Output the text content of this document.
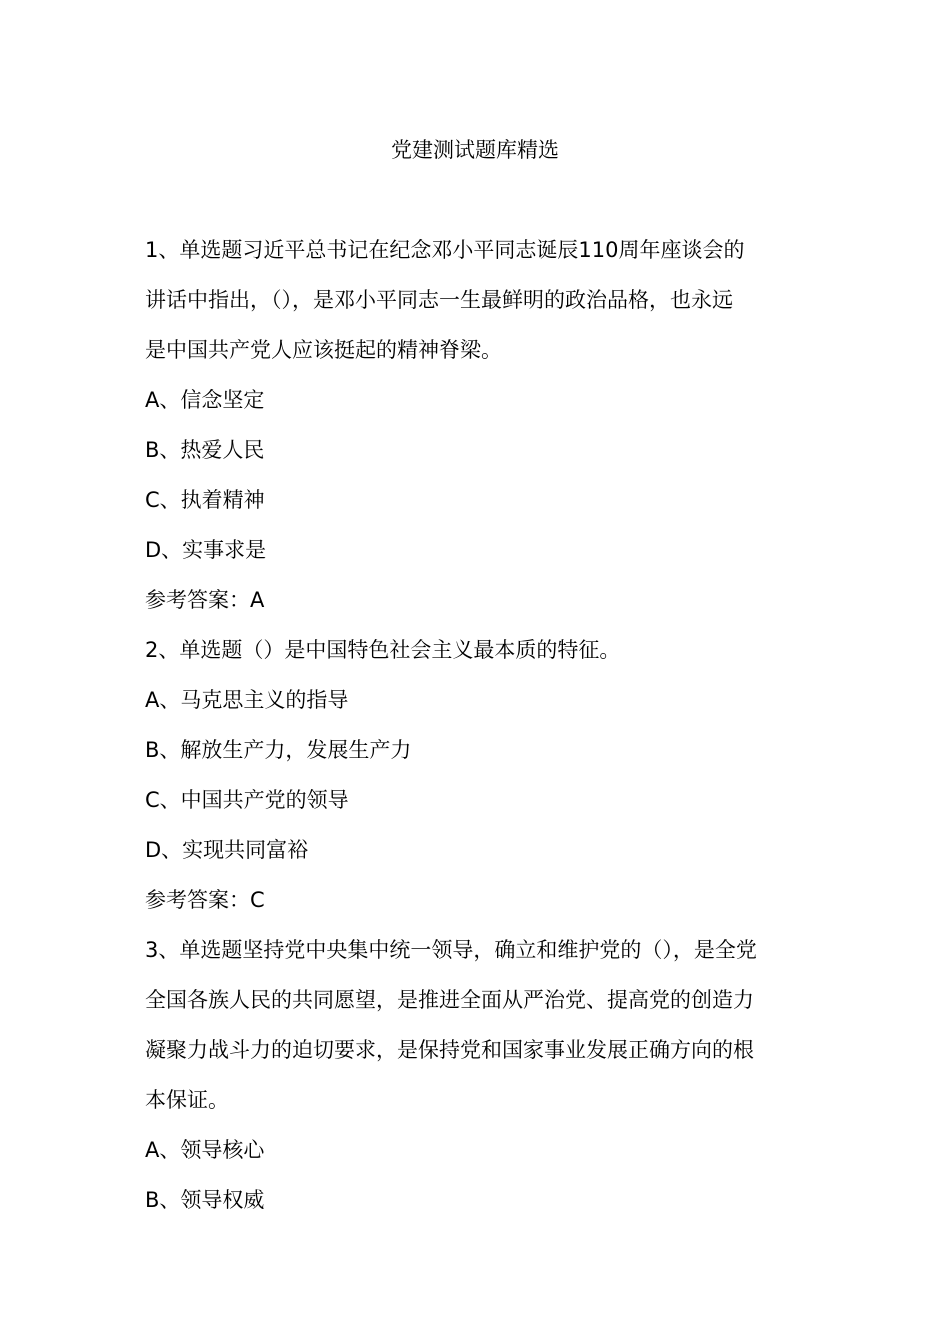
党建测试题库精选
1、单选题习近平总书记在纪念邓小平同志诞辰110周年座谈会的
讲话中指出，（），是邓小平同志一生最鲜明的政治品格，也永远
是中国共产党人应该挺起的精神脊梁。
A、信念坚定
B、热爱人民
C、执着精神
D、实事求是
参考答案：A
2、单选题（）是中国特色社会主义最本质的特征。
A、马克思主义的指导
B、解放生产力，发展生产力
C、中国共产党的领导
D、实现共同富裕
参考答案：C
3、单选题坚持党中央集中统一领导，确立和维护党的（），是全党
全国各族人民的共同愿望，是推进全面从严治党、提高党的创造力
凝聚力战斗力的迫切要求，是保持党和国家事业发展正确方向的根
本保证。
A、领导核心
B、领导权威
